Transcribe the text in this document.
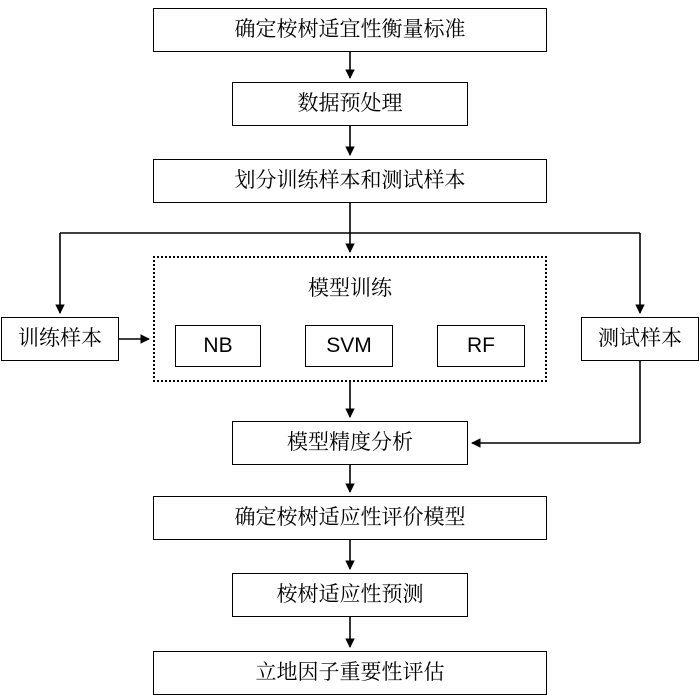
模型训练
确定桉树适宜性衡量标准
数据预处理
划分训练样本和测试样本
训练样本	测试样本
NB	SVM	RF
模型精度分析
确定桉树适应性评价模型
桉树适应性预测
立地因子重要性评估
